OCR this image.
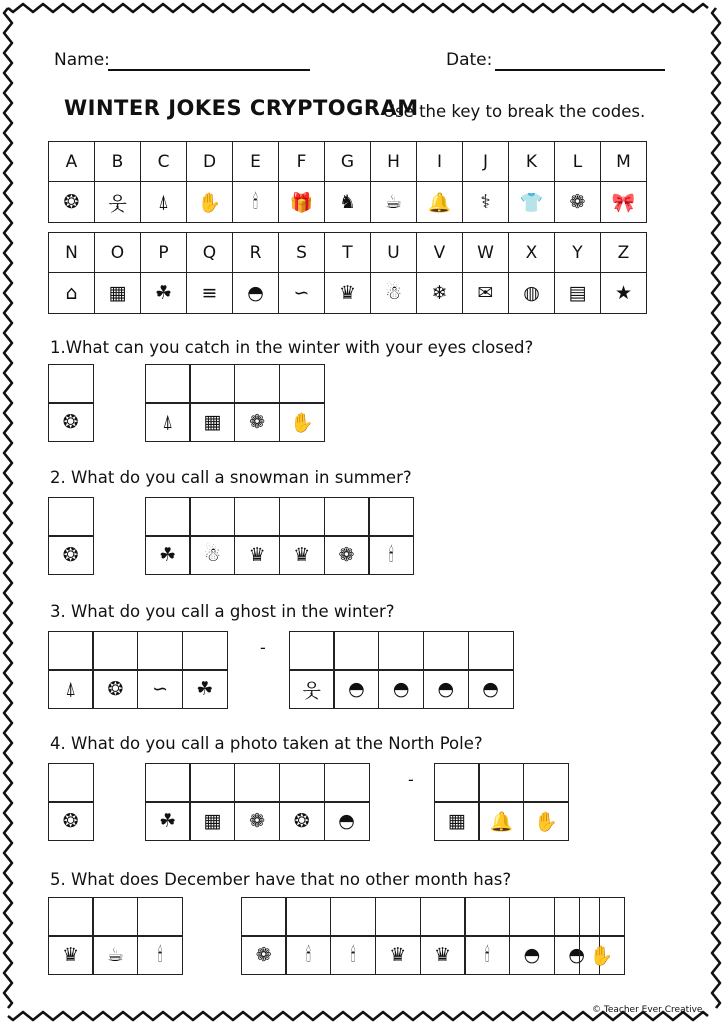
Name:	Date:
WINTER JOKES CRYPTOGRAM
Use the key to break the codes.
A	B	C	D	E	F	G	H	I	J	K	L	M
❂	웃	⍋	✋	🕯	🎁	♞	☕	🔔	⚕	👕	❁	🎀
N	O	P	Q	R	S	T	U	V	W	X	Y	Z
⌂	▦	☘	≡	◓	∽	♛	☃	❄	✉	◍	▤	★
1.What can you catch in the winter with your eyes closed?
2. What do you call a snowman in summer?
3. What do you call a ghost in the winter?
4. What do you call a photo taken at the North Pole?
5. What does December have that no other month has?
❂	⍋	▦	❁	✋
❂	☘	☃	♛	♛	❁	🕯
⍋	❂	∽	☘	웃	◓	◓	◓	◓
❂	☘	▦	❁	❂	◓	▦	🔔	✋
♛	☕	🕯	❁	🕯	🕯	♛	♛	🕯	◓	◓ ✋
-
-
© Teacher Ever Creative
